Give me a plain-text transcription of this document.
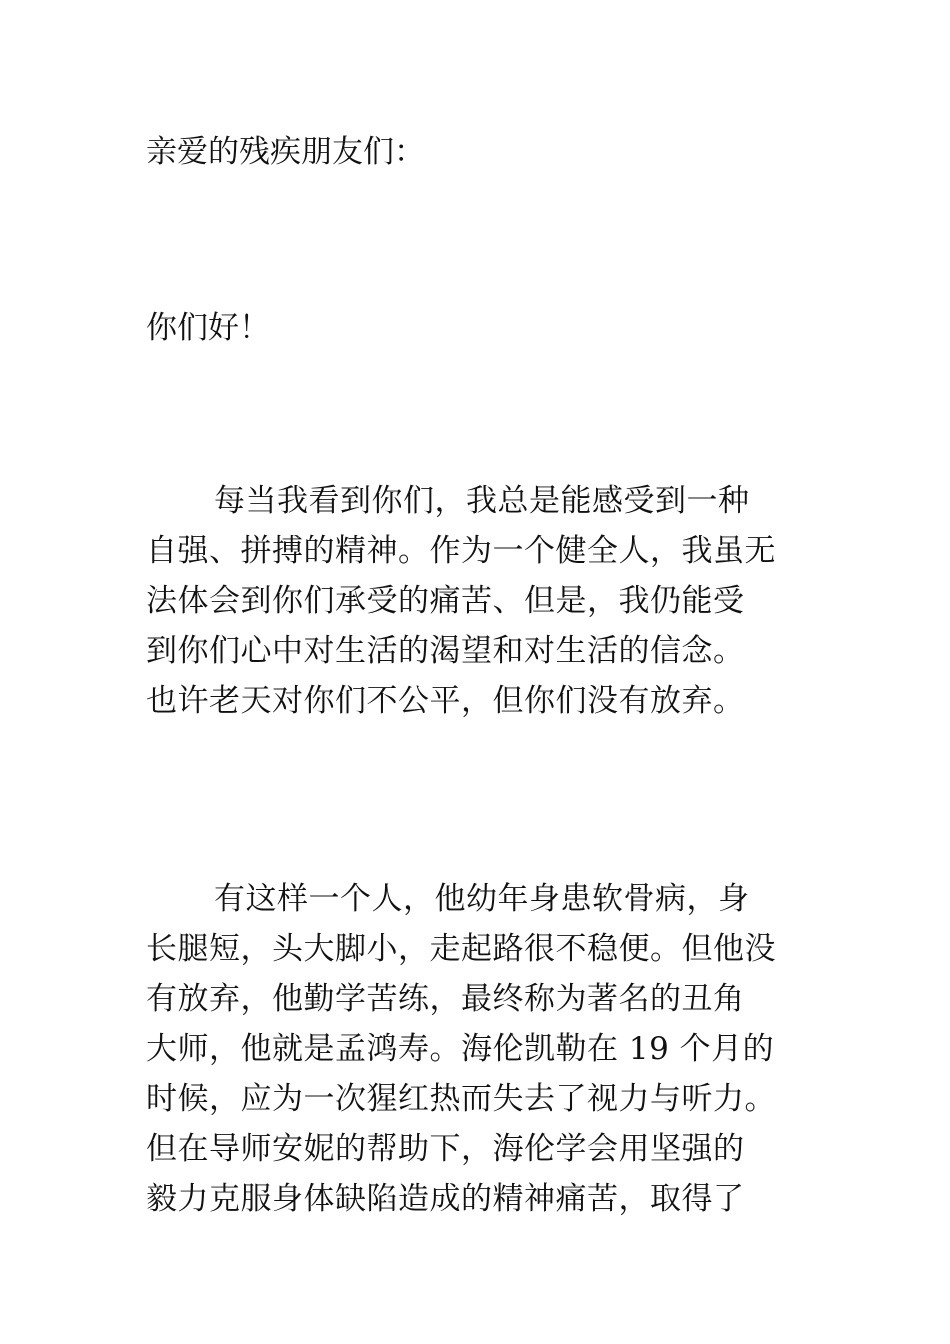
亲爱的残疾朋友们：
你们好！
每当我看到你们，我总是能感受到一种
自强、拼搏的精神。作为一个健全人，我虽无
法体会到你们承受的痛苦、但是，我仍能受
到你们心中对生活的渴望和对生活的信念。
也许老天对你们不公平，但你们没有放弃。
有这样一个人，他幼年身患软骨病，身
长腿短，头大脚小，走起路很不稳便。但他没
有放弃，他勤学苦练，最终称为著名的丑角
大师，他就是孟鸿寿。海伦凯勒在 19 个月的
时候，应为一次猩红热而失去了视力与听力。
但在导师安妮的帮助下，海伦学会用坚强的
毅力克服身体缺陷造成的精神痛苦，取得了
